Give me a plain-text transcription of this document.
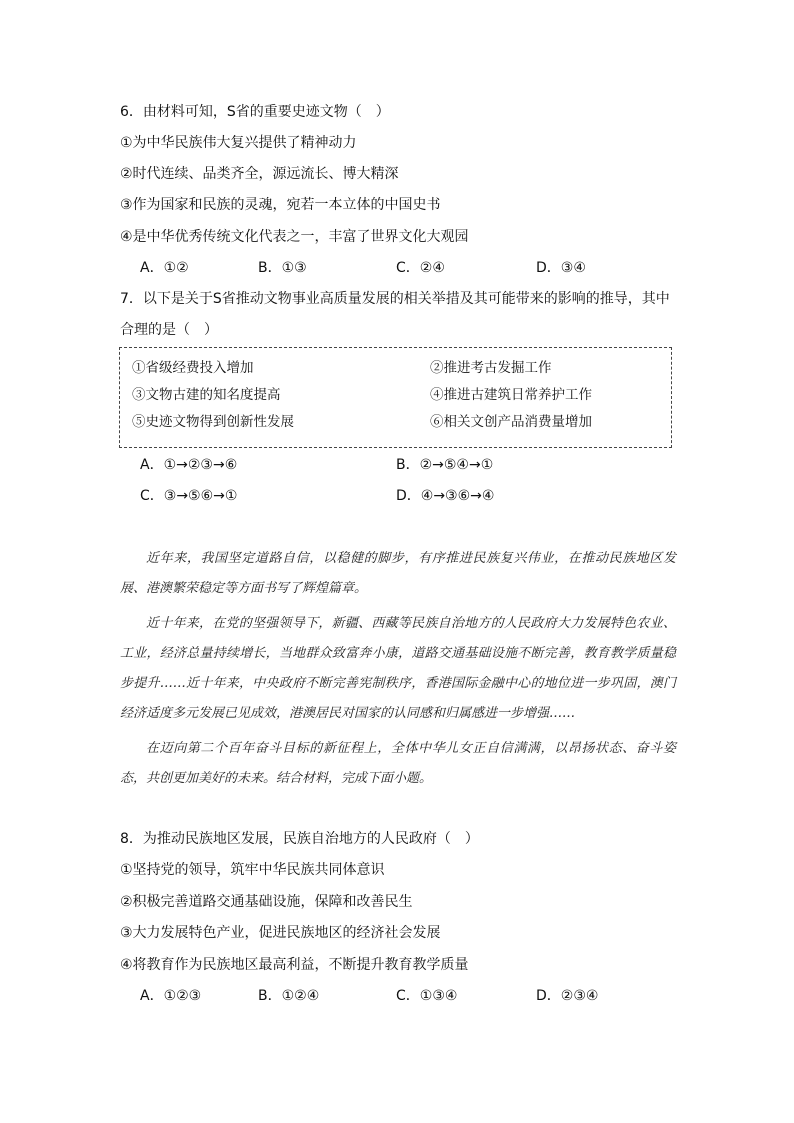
6．由材料可知，S省的重要史迹文物（　）
①为中华民族伟大复兴提供了精神动力
②时代连续、品类齐全，源远流长、博大精深
③作为国家和民族的灵魂，宛若一本立体的中国史书
④是中华优秀传统文化代表之一，丰富了世界文化大观园
A．①②	B．①③	C．②④	D．③④
7．以下是关于S省推动文物事业高质量发展的相关举措及其可能带来的影响的推导，其中
合理的是（　）
①省级经费投入增加	②推进考古发掘工作
③文物古建的知名度提高	④推进古建筑日常养护工作
⑤史迹文物得到创新性发展	⑥相关文创产品消费量增加
A．①→②③→⑥	B．②→⑤④→①
C．③→⑤⑥→①	D．④→③⑥→④

近年来，我国坚定道路自信，以稳健的脚步，有序推进民族复兴伟业，在推动民族地区发展、港澳繁荣稳定等方面书写了辉煌篇章。

近十年来，在党的坚强领导下，新疆、西藏等民族自治地方的人民政府大力发展特色农业、工业，经济总量持续增长，当地群众致富奔小康，道路交通基础设施不断完善，教育教学质量稳步提升……近十年来，中央政府不断完善宪制秩序，香港国际金融中心的地位进一步巩固，澳门经济适度多元发展已见成效，港澳居民对国家的认同感和归属感进一步增强……

在迈向第二个百年奋斗目标的新征程上，全体中华儿女正自信满满，以昂扬状态、奋斗姿态，共创更加美好的未来。结合材料，完成下面小题。

8．为推动民族地区发展，民族自治地方的人民政府（　）
①坚持党的领导，筑牢中华民族共同体意识
②积极完善道路交通基础设施，保障和改善民生
③大力发展特色产业，促进民族地区的经济社会发展
④将教育作为民族地区最高利益，不断提升教育教学质量
A．①②③	B．①②④	C．①③④	D．②③④
